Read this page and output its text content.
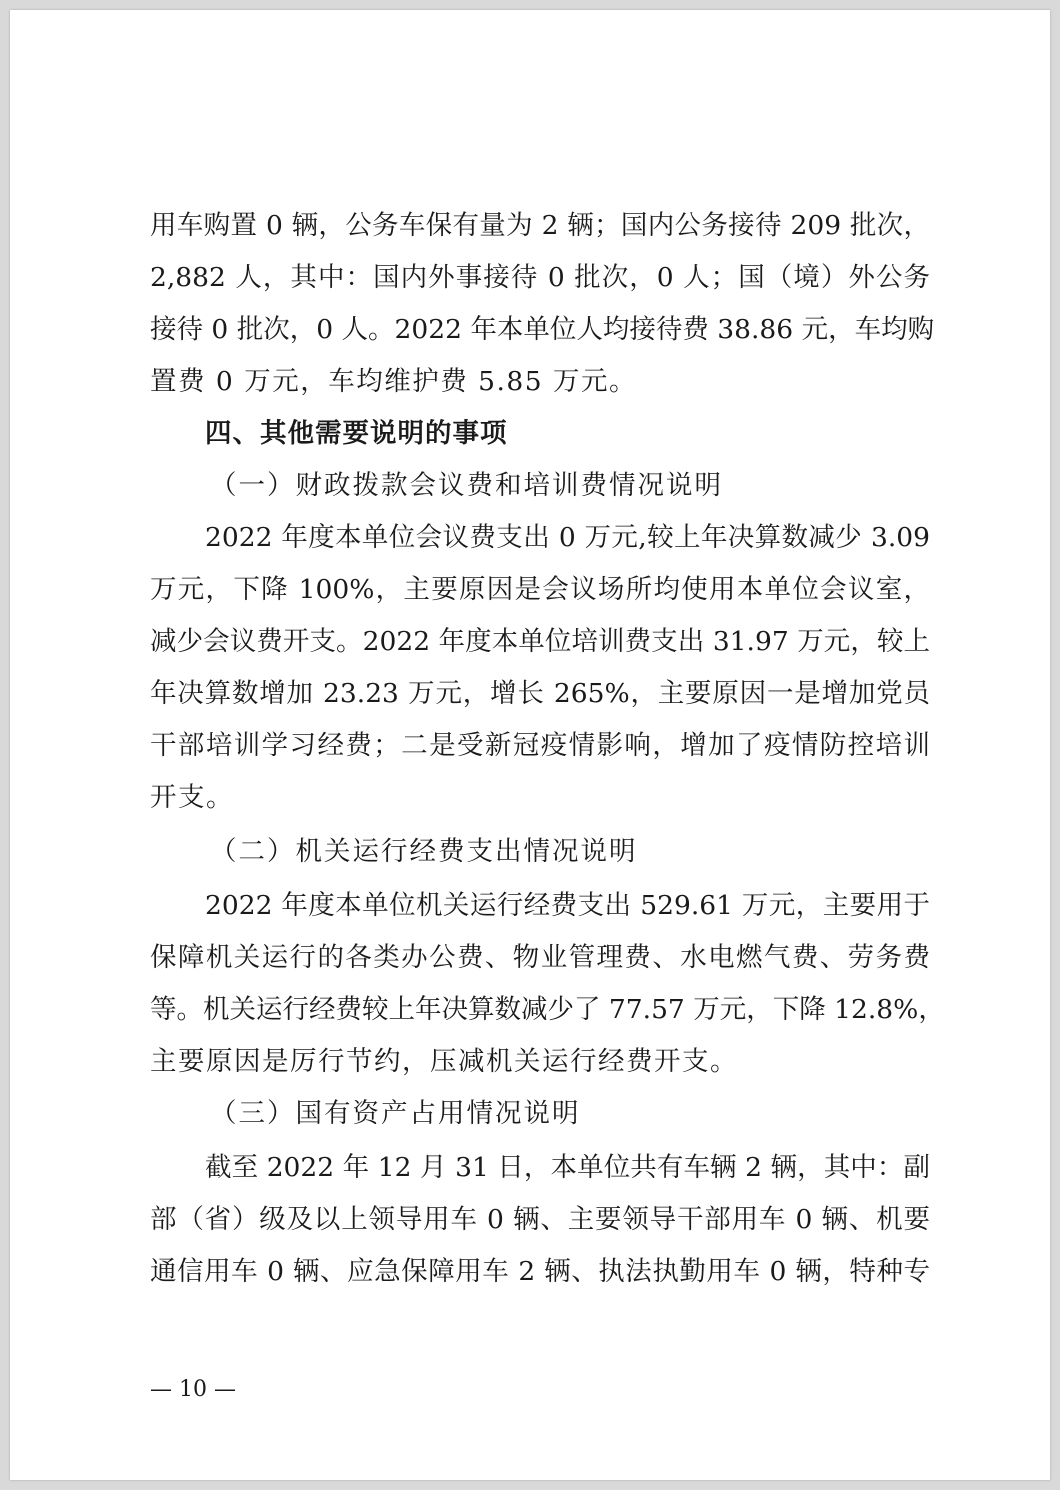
用车购置 0 辆，公务车保有量为 2 辆；国内公务接待 209 批次，
2,882 人，其中：国内外事接待 0 批次，0 人；国（境）外公务
接待 0 批次，0 人。2022 年本单位人均接待费 38.86 元，车均购
置费 0 万元，车均维护费 5.85 万元。
四、其他需要说明的事项
（一）财政拨款会议费和培训费情况说明
2022 年度本单位会议费支出 0 万元,较上年决算数减少 3.09
万元，下降 100%，主要原因是会议场所均使用本单位会议室，
减少会议费开支。2022 年度本单位培训费支出 31.97 万元，较上
年决算数增加 23.23 万元，增长 265%，主要原因一是增加党员
干部培训学习经费；二是受新冠疫情影响，增加了疫情防控培训
开支。
（二）机关运行经费支出情况说明
2022 年度本单位机关运行经费支出 529.61 万元，主要用于
保障机关运行的各类办公费、物业管理费、水电燃气费、劳务费
等。机关运行经费较上年决算数减少了 77.57 万元，下降 12.8%，
主要原因是厉行节约，压减机关运行经费开支。
（三）国有资产占用情况说明
截至 2022 年 12 月 31 日，本单位共有车辆 2 辆，其中：副
部（省）级及以上领导用车 0 辆、主要领导干部用车 0 辆、机要
通信用车 0 辆、应急保障用车 2 辆、执法执勤用车 0 辆，特种专
— 10 —
